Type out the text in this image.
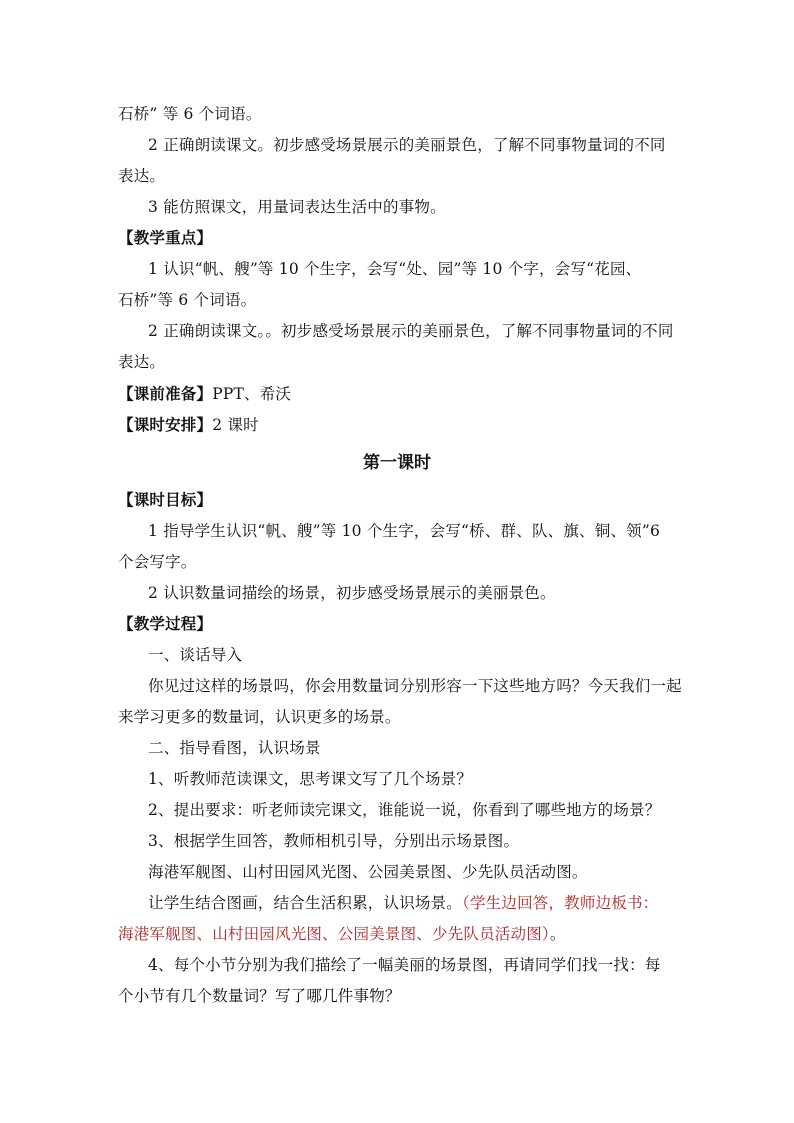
石桥” 等 6 个词语。
2 正确朗读课文。初步感受场景展示的美丽景色，了解不同事物量词的不同
表达。
3 能仿照课文，用量词表达生活中的事物。
【教学重点】
1 认识“帆、艘”等 10 个生字，会写“处、园”等 10 个字，会写“花园、
石桥”等 6 个词语。
2 正确朗读课文。。初步感受场景展示的美丽景色，了解不同事物量词的不同
表达。
【课前准备】PPT、希沃
【课时安排】2 课时
第一课时
【课时目标】
1 指导学生认识“帆、艘”等 10 个生字，会写“桥、群、队、旗、铜、领”6
个会写字。
2 认识数量词描绘的场景，初步感受场景展示的美丽景色。
【教学过程】
一、谈话导入
你见过这样的场景吗，你会用数量词分别形容一下这些地方吗？今天我们一起
来学习更多的数量词，认识更多的场景。
二、指导看图，认识场景
1、听教师范读课文，思考课文写了几个场景？
2、提出要求：听老师读完课文，谁能说一说，你看到了哪些地方的场景？
3、根据学生回答，教师相机引导，分别出示场景图。
海港军舰图、山村田园风光图、公园美景图、少先队员活动图。
让学生结合图画，结合生活积累，认识场景。（学生边回答，教师边板书：
海港军舰图、山村田园风光图、公园美景图、少先队员活动图）。
4、每个小节分别为我们描绘了一幅美丽的场景图，再请同学们找一找：每
个小节有几个数量词？写了哪几件事物？
